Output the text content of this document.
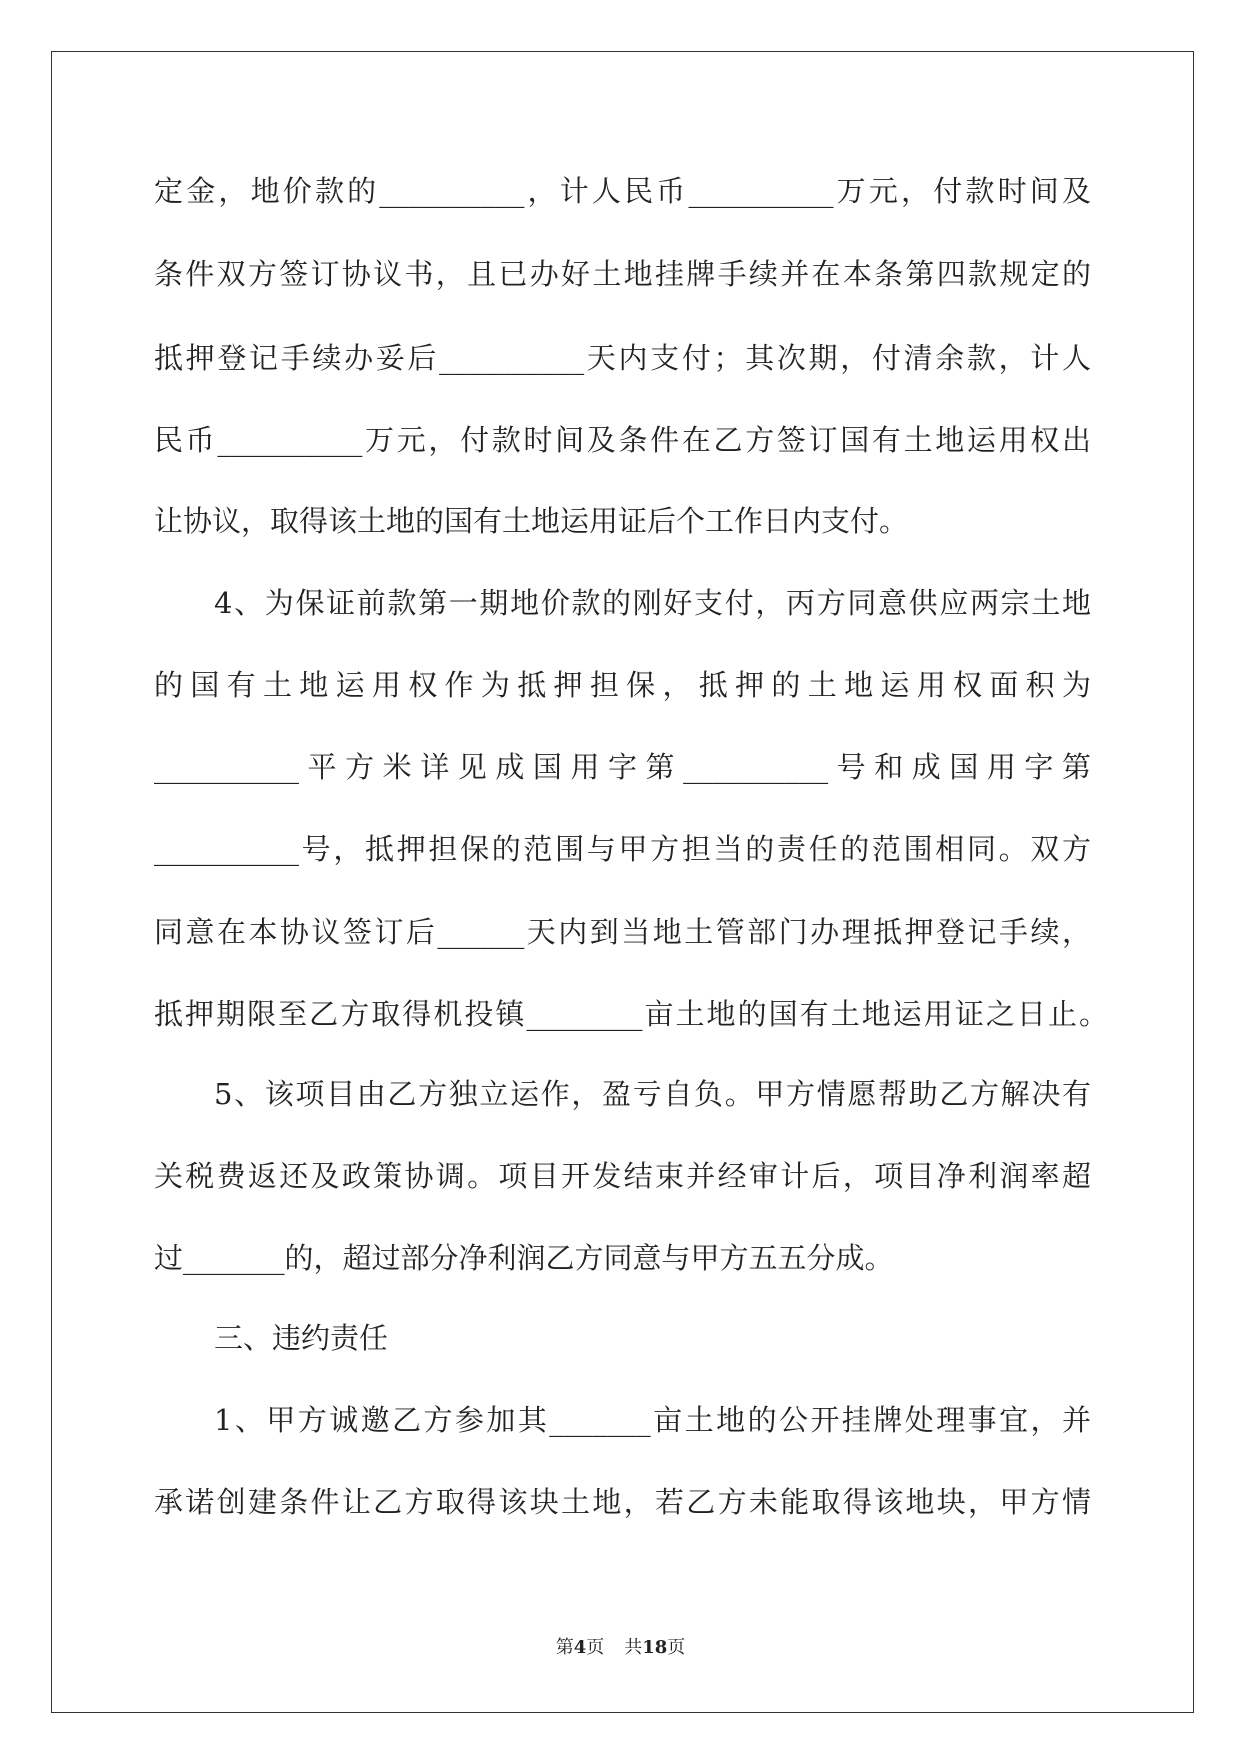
定金，地价款的__________，计人民币__________万元，付款时间及
条件双方签订协议书，且已办好土地挂牌手续并在本条第四款规定的
抵押登记手续办妥后__________天内支付；其次期，付清余款，计人
民币__________万元，付款时间及条件在乙方签订国有土地运用权出
让协议，取得该土地的国有土地运用证后个工作日内支付。
4、为保证前款第一期地价款的刚好支付，丙方同意供应两宗土地
的国有土地运用权作为抵押担保，抵押的土地运用权面积为
__________平方米详见成国用字第__________号和成国用字第
__________号，抵押担保的范围与甲方担当的责任的范围相同。双方
同意在本协议签订后______天内到当地土管部门办理抵押登记手续，
抵押期限至乙方取得机投镇________亩土地的国有土地运用证之日止。
5、该项目由乙方独立运作，盈亏自负。甲方情愿帮助乙方解决有
关税费返还及政策协调。项目开发结束并经审计后，项目净利润率超
过_______的，超过部分净利润乙方同意与甲方五五分成。
三、违约责任
1、甲方诚邀乙方参加其_______亩土地的公开挂牌处理事宜，并
承诺创建条件让乙方取得该块土地，若乙方未能取得该地块，甲方情
第4页 共18页
